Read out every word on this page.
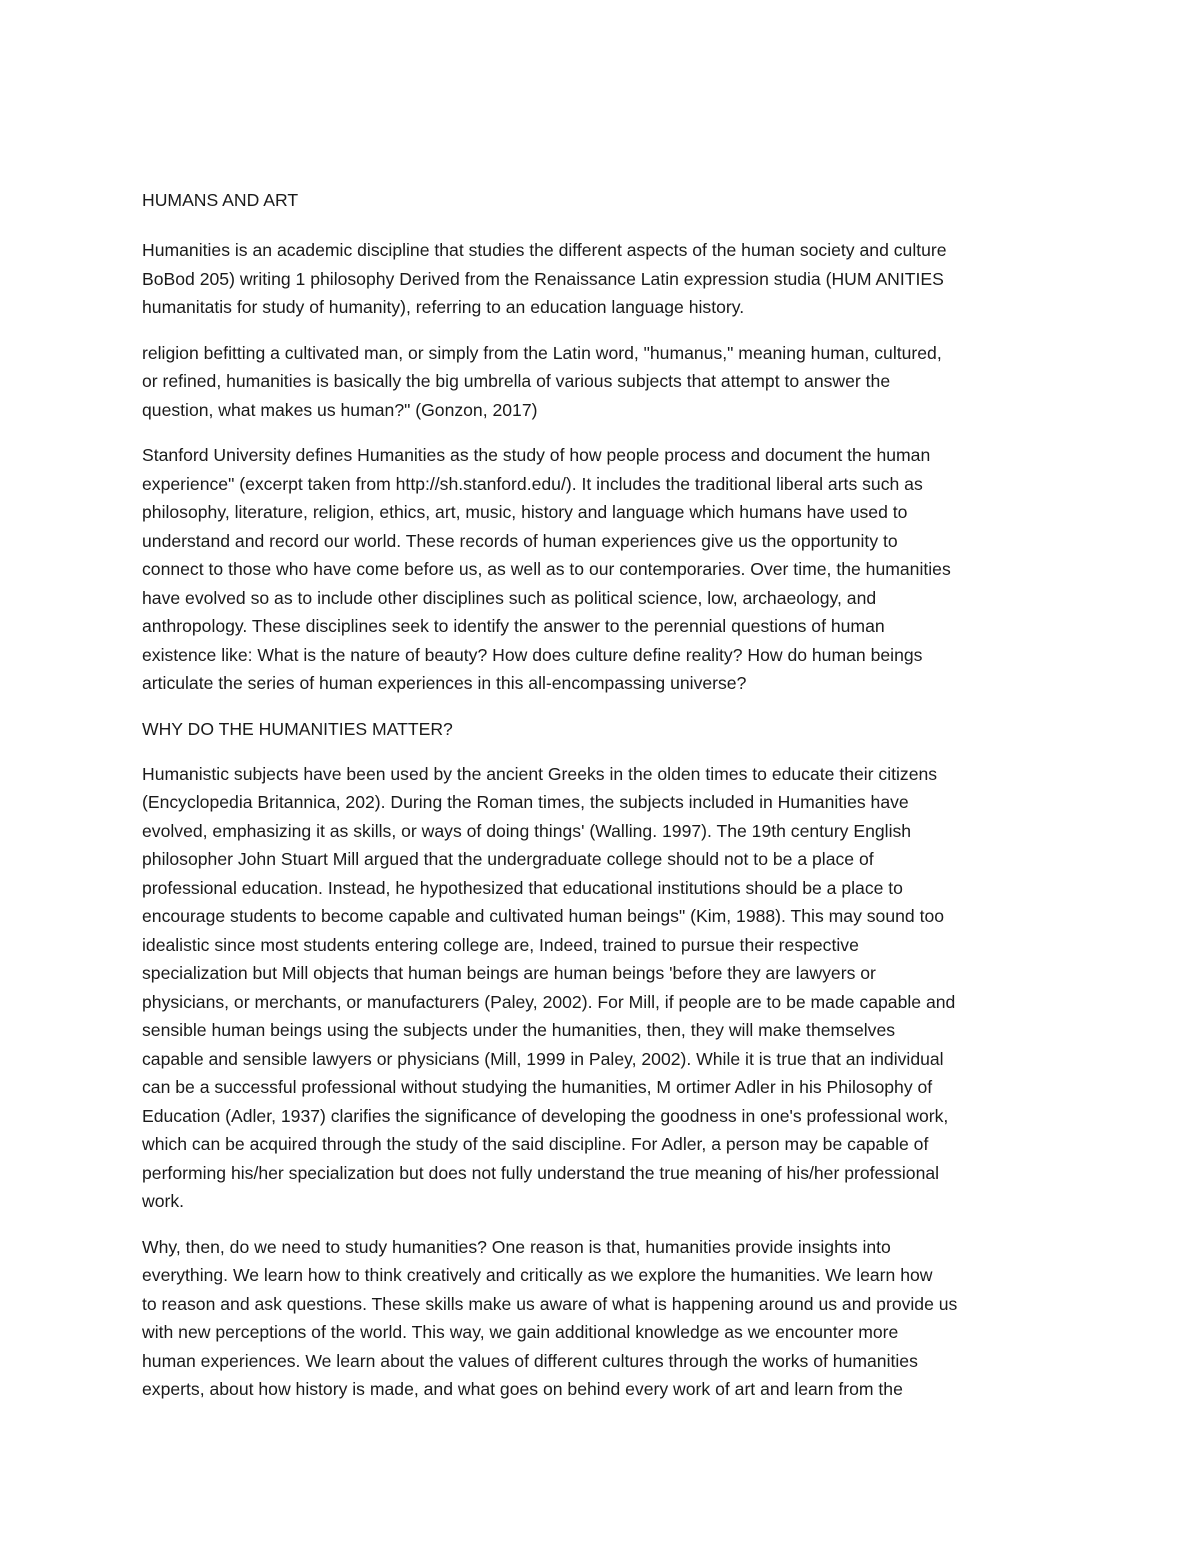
HUMANS AND ART
Humanities is an academic discipline that studies the different aspects of the human society and culture
BoBod 205) writing 1 philosophy Derived from the Renaissance Latin expression studia (HUM ANITIES
humanitatis for study of humanity), referring to an education language history.
religion befitting a cultivated man, or simply from the Latin word, "humanus," meaning human, cultured,
or refined, humanities is basically the big umbrella of various subjects that attempt to answer the
question, what makes us human?" (Gonzon, 2017)
Stanford University defines Humanities as the study of how people process and document the human
experience" (excerpt taken from http://sh.stanford.edu/). It includes the traditional liberal arts such as
philosophy, literature, religion, ethics, art, music, history and language which humans have used to
understand and record our world. These records of human experiences give us the opportunity to
connect to those who have come before us, as well as to our contemporaries. Over time, the humanities
have evolved so as to include other disciplines such as political science, low, archaeology, and
anthropology. These disciplines seek to identify the answer to the perennial questions of human
existence like: What is the nature of beauty? How does culture define reality? How do human beings
articulate the series of human experiences in this all-encompassing universe?
WHY DO THE HUMANITIES MATTER?
Humanistic subjects have been used by the ancient Greeks in the olden times to educate their citizens
(Encyclopedia Britannica, 202). During the Roman times, the subjects included in Humanities have
evolved, emphasizing it as skills, or ways of doing things' (Walling. 1997). The 19th century English
philosopher John Stuart Mill argued that the undergraduate college should not to be a place of
professional education. Instead, he hypothesized that educational institutions should be a place to
encourage students to become capable and cultivated human beings" (Kim, 1988). This may sound too
idealistic since most students entering college are, Indeed, trained to pursue their respective
specialization but Mill objects that human beings are human beings 'before they are lawyers or
physicians, or merchants, or manufacturers (Paley, 2002). For Mill, if people are to be made capable and
sensible human beings using the subjects under the humanities, then, they will make themselves
capable and sensible lawyers or physicians (Mill, 1999 in Paley, 2002). While it is true that an individual
can be a successful professional without studying the humanities, M ortimer Adler in his Philosophy of
Education (Adler, 1937) clarifies the significance of developing the goodness in one's professional work,
which can be acquired through the study of the said discipline. For Adler, a person may be capable of
performing his/her specialization but does not fully understand the true meaning of his/her professional
work.
Why, then, do we need to study humanities? One reason is that, humanities provide insights into
everything. We learn how to think creatively and critically as we explore the humanities. We learn how
to reason and ask questions. These skills make us aware of what is happening around us and provide us
with new perceptions of the world. This way, we gain additional knowledge as we encounter more
human experiences. We learn about the values of different cultures through the works of humanities
experts, about how history is made, and what goes on behind every work of art and learn from the
